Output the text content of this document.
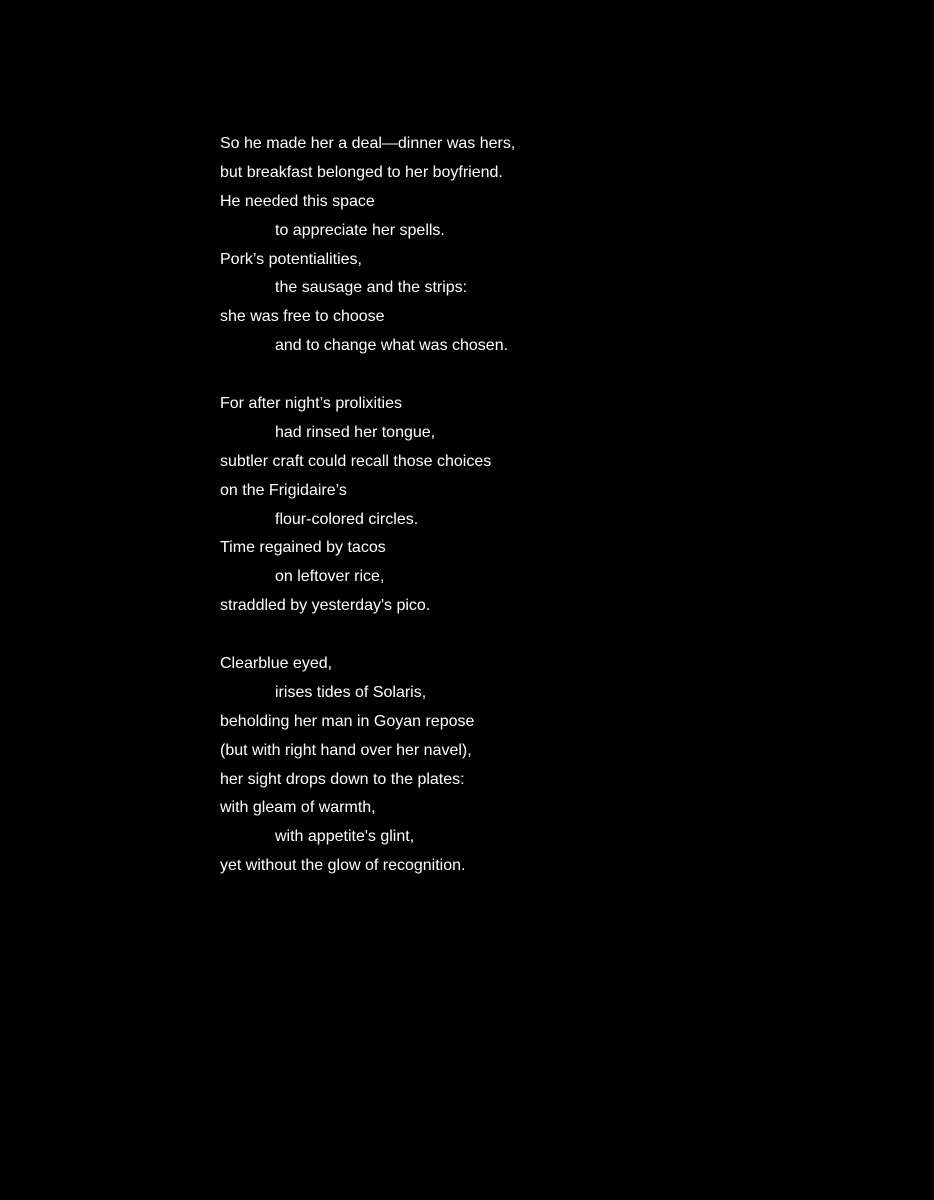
So he made her a deal—dinner was hers,
but breakfast belonged to her boyfriend.
He needed this space
to appreciate her spells.
Pork’s potentialities,
the sausage and the strips:
she was free to choose
and to change what was chosen.
For after night’s prolixities
had rinsed her tongue,
subtler craft could recall those choices
on the Frigidaire’s
flour-colored circles.
Time regained by tacos
on leftover rice,
straddled by yesterday's pico.
Clearblue eyed,
irises tides of Solaris,
beholding her man in Goyan repose
(but with right hand over her navel),
her sight drops down to the plates:
with gleam of warmth,
with appetite's glint,
yet without the glow of recognition.
